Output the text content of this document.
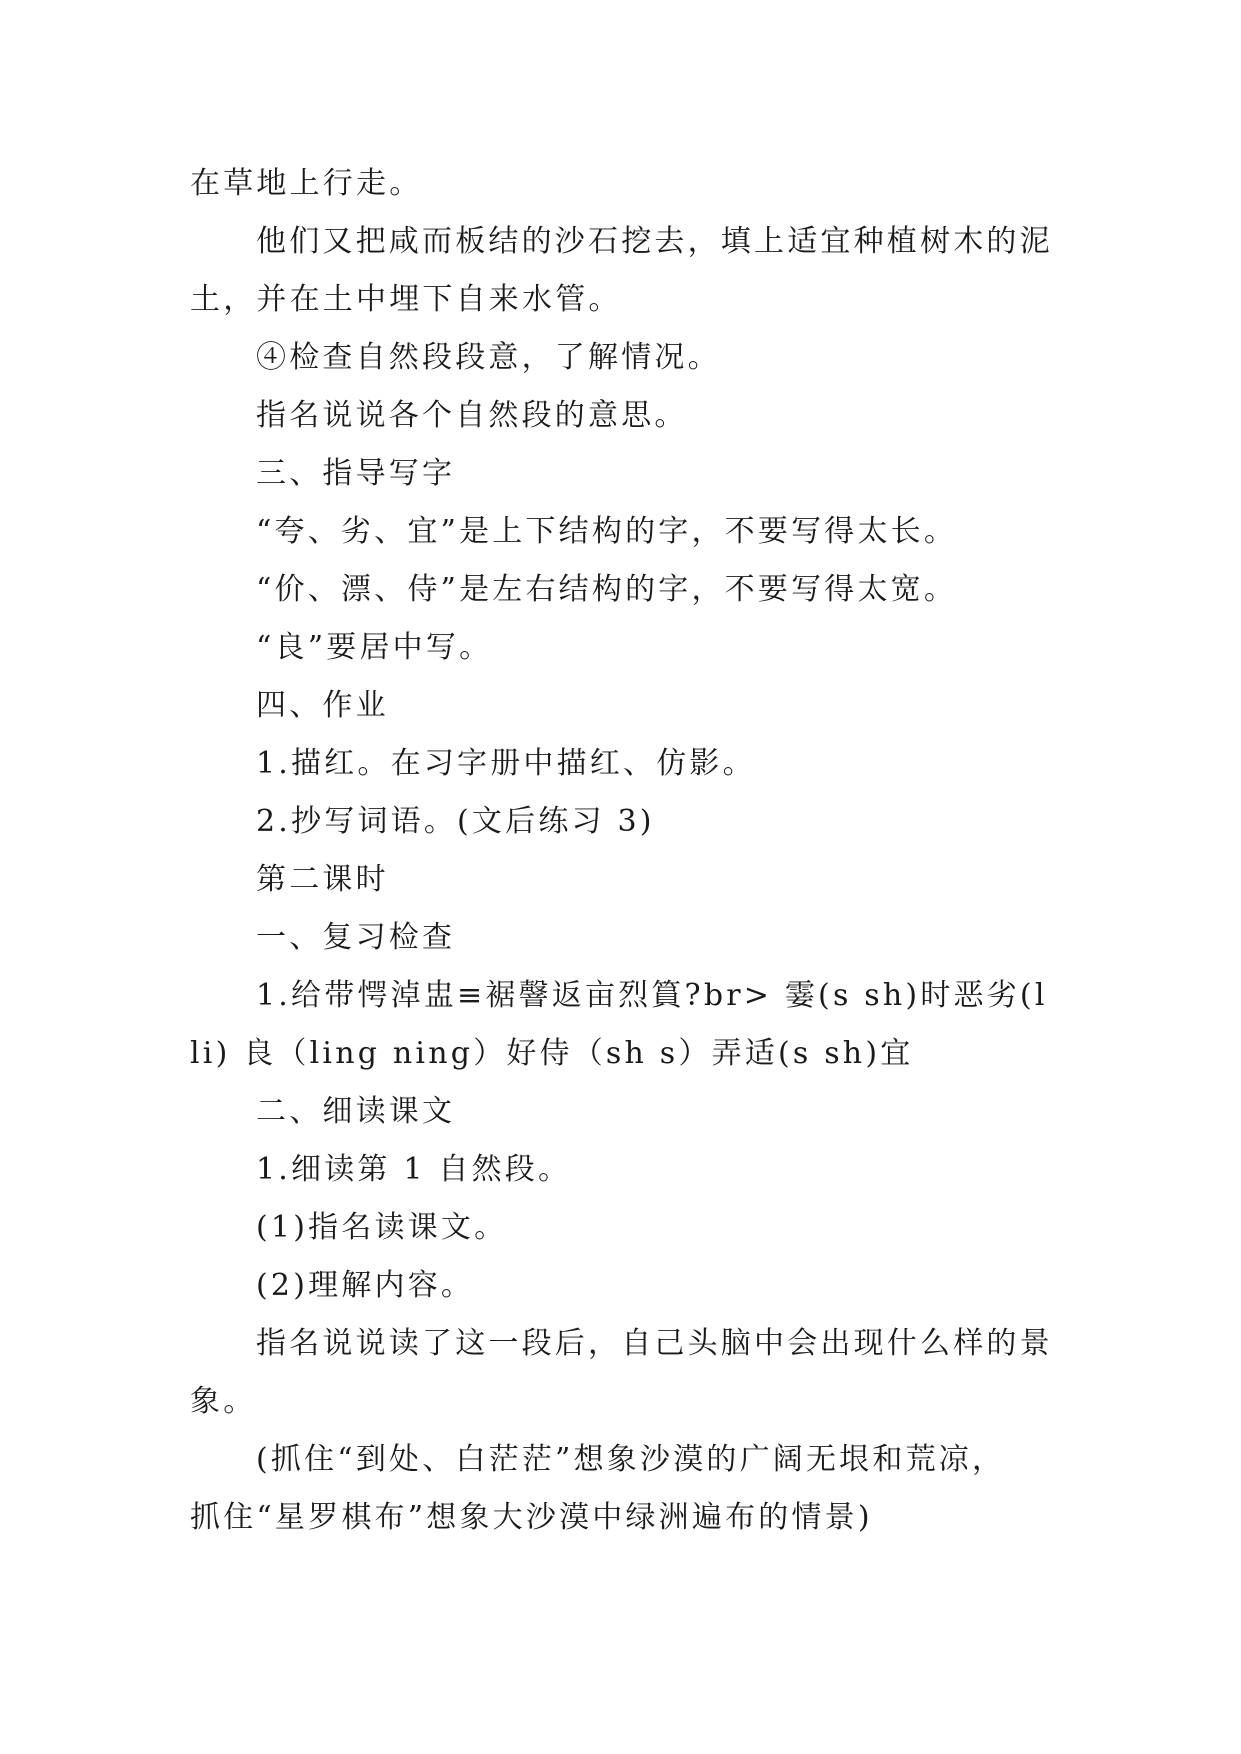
在草地上行走。

他们又把咸而板结的沙石挖去，填上适宜种植树木的泥

土，并在土中埋下自来水管。

④检查自然段段意，了解情况。

指名说说各个自然段的意思。

三、指导写字

“夸、劣、宜”是上下结构的字，不要写得太长。

“价、漂、侍”是左右结构的字，不要写得太宽。

“良”要居中写。

四、作业

1.描红。在习字册中描红、仿影。

2.抄写词语。(文后练习 3)

第二课时

一、复习检查

1.给带愕淖盅≡裾韾返亩烈篔?br> 霎(s sh)时恶劣(l

li) 良（ling ning）好侍（sh s）弄适(s sh)宜

二、细读课文

1.细读第 1 自然段。

(1)指名读课文。

(2)理解内容。

指名说说读了这一段后，自己头脑中会出现什么样的景

象。

(抓住“到处、白茫茫”想象沙漠的广阔无垠和荒凉，

抓住“星罗棋布”想象大沙漠中绿洲遍布的情景)
